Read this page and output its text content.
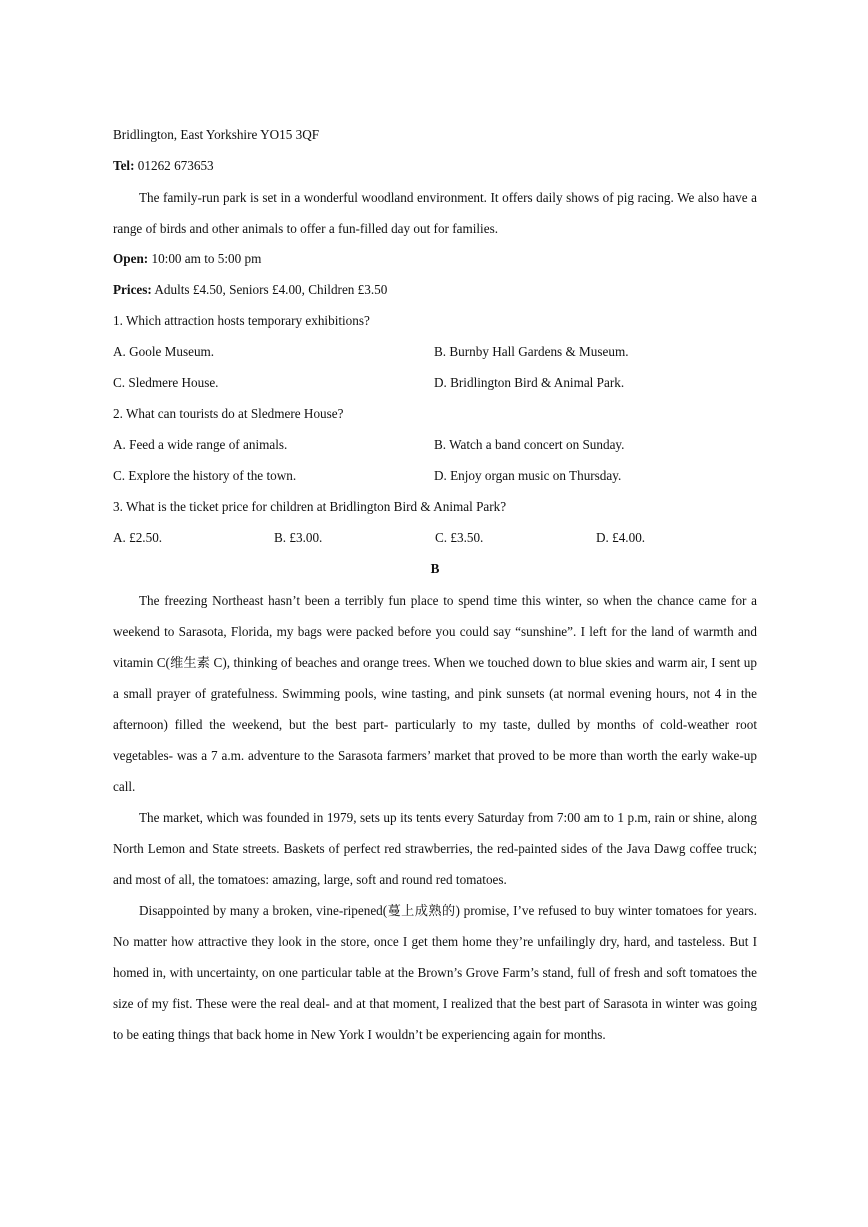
Bridlington, East Yorkshire YO15 3QF
Tel: 01262 673653

The family-run park is set in a wonderful woodland environment. It offers daily shows of pig racing. We also have a range of birds and other animals to offer a fun-filled day out for families.

Open: 10:00 am to 5:00 pm
Prices: Adults £4.50, Seniors £4.00, Children £3.50
1. Which attraction hosts temporary exhibitions?
A. Goole Museum.	B. Burnby Hall Gardens & Museum.
C. Sledmere House.	D. Bridlington Bird & Animal Park.
2. What can tourists do at Sledmere House?
A. Feed a wide range of animals.	B. Watch a band concert on Sunday.
C. Explore the history of the town.	D. Enjoy organ music on Thursday.
3. What is the ticket price for children at Bridlington Bird & Animal Park?
A. £2.50.	B. £3.00.	C. £3.50.	D. £4.00.
B

The freezing Northeast hasn’t been a terribly fun place to spend time this winter, so when the chance came for a weekend to Sarasota, Florida, my bags were packed before you could say “sunshine”. I left for the land of warmth and vitamin C(维生素 C), thinking of beaches and orange trees. When we touched down to blue skies and warm air, I sent up a small prayer of gratefulness. Swimming pools, wine tasting, and pink sunsets (at normal evening hours, not 4 in the afternoon) filled the weekend, but the best part- particularly to my taste, dulled by months of cold-weather root vegetables- was a 7 a.m. adventure to the Sarasota farmers’ market that proved to be more than worth the early wake-up call.

The market, which was founded in 1979, sets up its tents every Saturday from 7:00 am to 1 p.m, rain or shine, along North Lemon and State streets. Baskets of perfect red strawberries, the red-painted sides of the Java Dawg coffee truck; and most of all, the tomatoes: amazing, large, soft and round red tomatoes.

Disappointed by many a broken, vine-ripened(蔓上成熟的) promise, I’ve refused to buy winter tomatoes for years. No matter how attractive they look in the store, once I get them home they’re unfailingly dry, hard, and tasteless. But I homed in, with uncertainty, on one particular table at the Brown’s Grove Farm’s stand, full of fresh and soft tomatoes the size of my fist. These were the real deal- and at that moment, I realized that the best part of Sarasota in winter was going to be eating things that back home in New York I wouldn’t be experiencing again for months.
